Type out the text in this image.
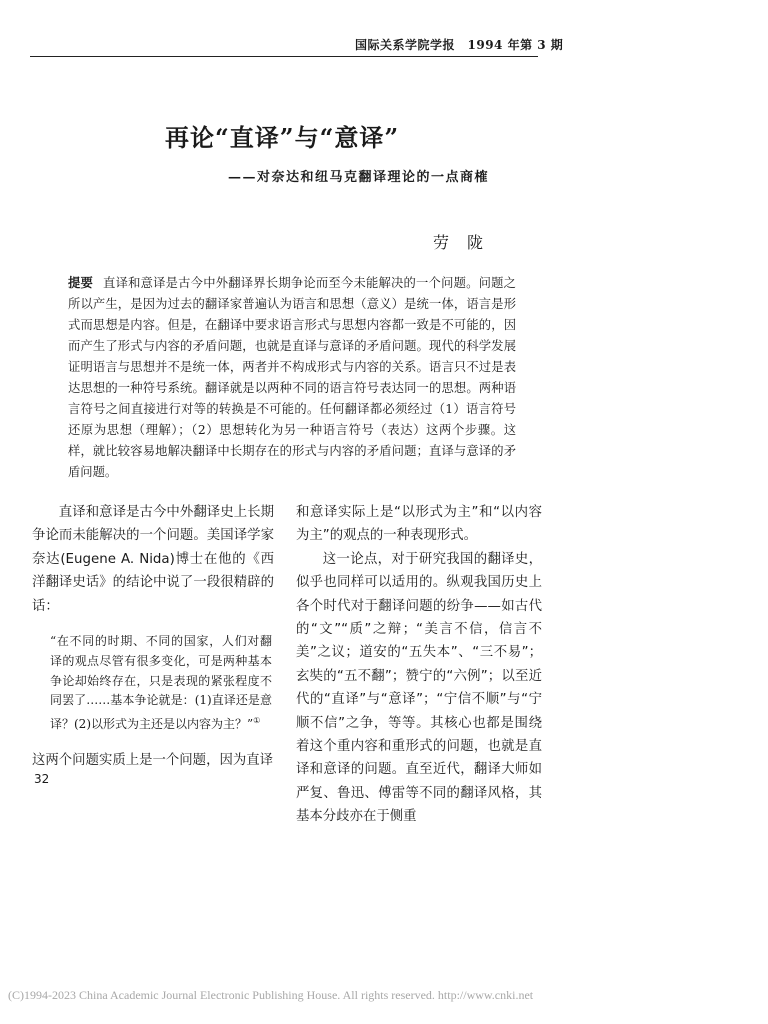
国际关系学院学报　1994 年第 3 期
再论“直译”与“意译”
——对奈达和纽马克翻译理论的一点商榷
劳陇
提要 直译和意译是古今中外翻译界长期争论而至今未能解决的一个问题。问题之所以产生，是因为过去的翻译家普遍认为语言和思想（意义）是统一体，语言是形式而思想是内容。但是，在翻译中要求语言形式与思想内容都一致是不可能的，因而产生了形式与内容的矛盾问题，也就是直译与意译的矛盾问题。现代的科学发展证明语言与思想并不是统一体，两者并不构成形式与内容的关系。语言只不过是表达思想的一种符号系统。翻译就是以两种不同的语言符号表达同一的思想。两种语言符号之间直接进行对等的转换是不可能的。任何翻译都必须经过（1）语言符号还原为思想（理解）；（2）思想转化为另一种语言符号（表达）这两个步骤。这样，就比较容易地解决翻译中长期存在的形式与内容的矛盾问题；直译与意译的矛盾问题。

直译和意译是古今中外翻译史上长期争论而未能解决的一个问题。美国译学家奈达(Eugene A. Nida)博士在他的《西洋翻译史话》的结论中说了一段很精辟的话：

“在不同的时期、不同的国家，人们对翻译的观点尽管有很多变化，可是两种基本争论却始终存在，只是表现的紧张程度不同罢了……基本争论就是：(1)直译还是意译？(2)以形式为主还是以内容为主？”①

这两个问题实质上是一个问题，因为直译

和意译实际上是“以形式为主”和“以内容为主”的观点的一种表现形式。

这一论点，对于研究我国的翻译史，似乎也同样可以适用的。纵观我国历史上各个时代对于翻译问题的纷争——如古代的“文”“质”之辩；“美言不信，信言不美”之议；道安的“五失本”、“三不易”；玄奘的“五不翻”；赞宁的“六例”；以至近代的“直译”与“意译”；“宁信不顺”与“宁顺不信”之争，等等。其核心也都是围绕着这个重内容和重形式的问题，也就是直译和意译的问题。直至近代，翻译大师如严复、鲁迅、傅雷等不同的翻译风格，其基本分歧亦在于侧重

32
(C)1994-2023 China Academic Journal Electronic Publishing House. All rights reserved. http://www.cnki.net
